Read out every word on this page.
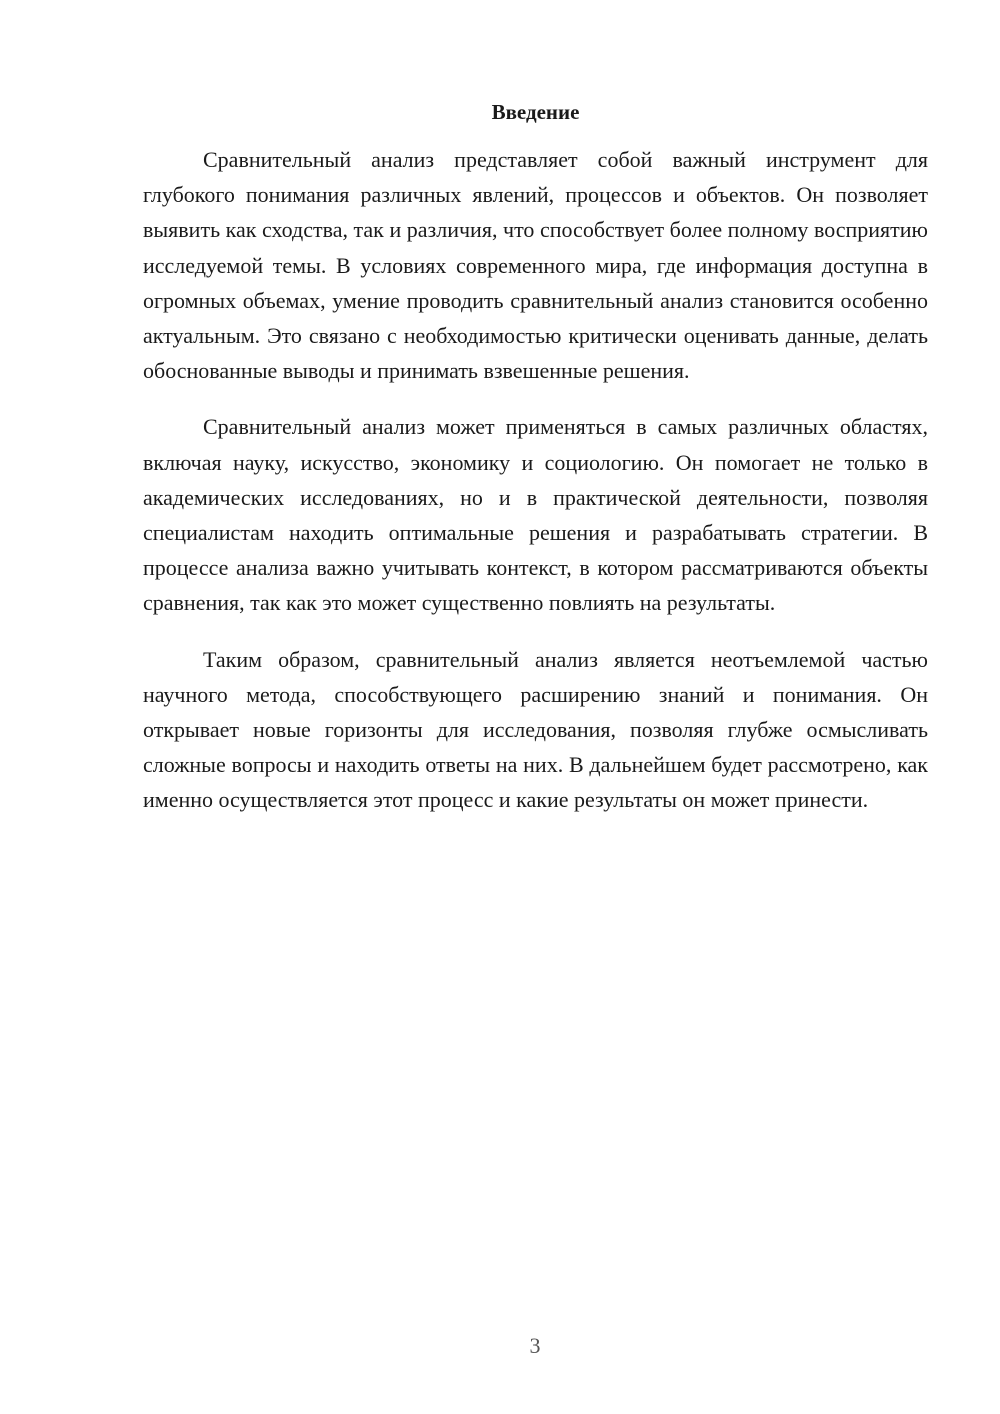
Введение

Сравнительный анализ представляет собой важный инструмент для глубокого понимания различных явлений, процессов и объектов. Он позволяет выявить как сходства, так и различия, что способствует более полному восприятию исследуемой темы. В условиях современного мира, где информация доступна в огромных объемах, умение проводить сравнительный анализ становится особенно актуальным. Это связано с необходимостью критически оценивать данные, делать обоснованные выводы и принимать взвешенные решения.

Сравнительный анализ может применяться в самых различных областях, включая науку, искусство, экономику и социологию. Он помогает не только в академических исследованиях, но и в практической деятельности, позволяя специалистам находить оптимальные решения и разрабатывать стратегии. В процессе анализа важно учитывать контекст, в котором рассматриваются объекты сравнения, так как это может существенно повлиять на результаты.

Таким образом, сравнительный анализ является неотъемлемой частью научного метода, способствующего расширению знаний и понимания. Он открывает новые горизонты для исследования, позволяя глубже осмысливать сложные вопросы и находить ответы на них. В дальнейшем будет рассмотрено, как именно осуществляется этот процесс и какие результаты он может принести.

3
